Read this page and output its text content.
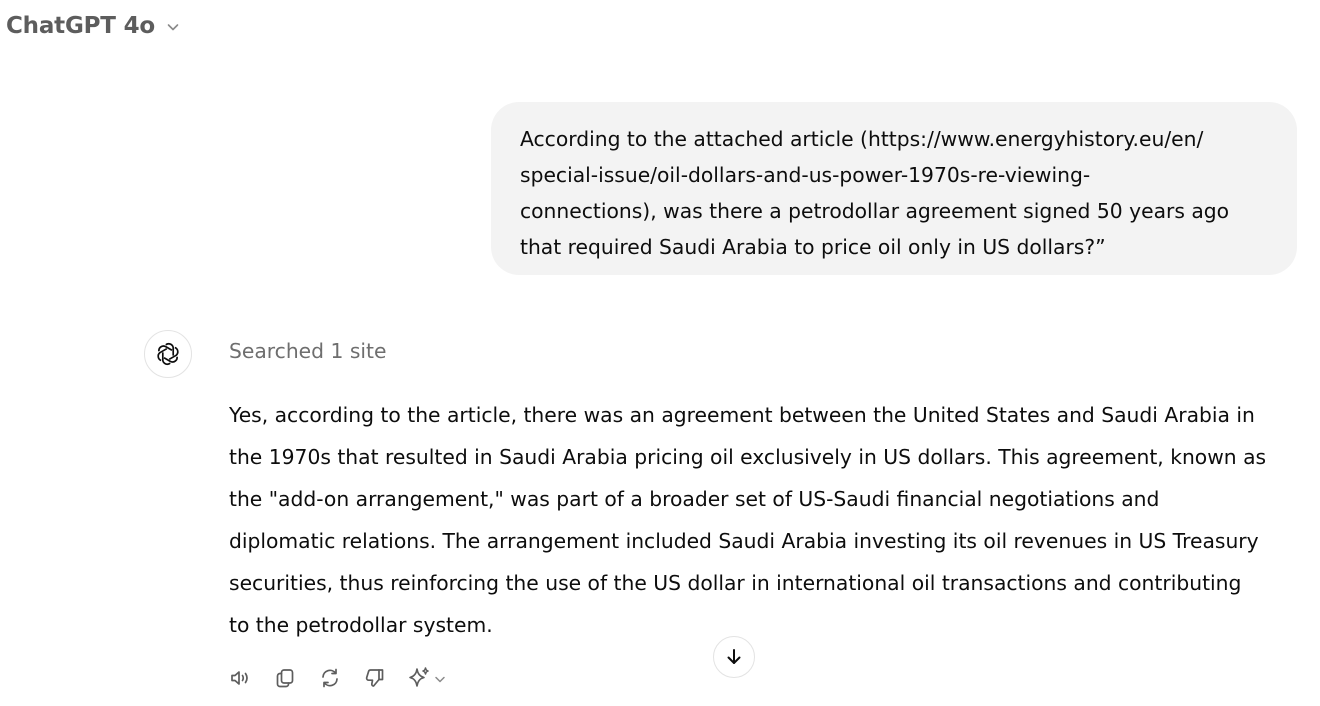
ChatGPT 4o
According to the attached article (https://www.energyhistory.eu/en/
special-issue/oil-dollars-and-us-power-1970s-re-viewing-
connections), was there a petrodollar agreement signed 50 years ago
that required Saudi Arabia to price oil only in US dollars?”
Searched 1 site
Yes, according to the article, there was an agreement between the United States and Saudi Arabia in
the 1970s that resulted in Saudi Arabia pricing oil exclusively in US dollars. This agreement, known as
the "add-on arrangement," was part of a broader set of US-Saudi financial negotiations and
diplomatic relations. The arrangement included Saudi Arabia investing its oil revenues in US Treasury
securities, thus reinforcing the use of the US dollar in international oil transactions and contributing
to the petrodollar system.
